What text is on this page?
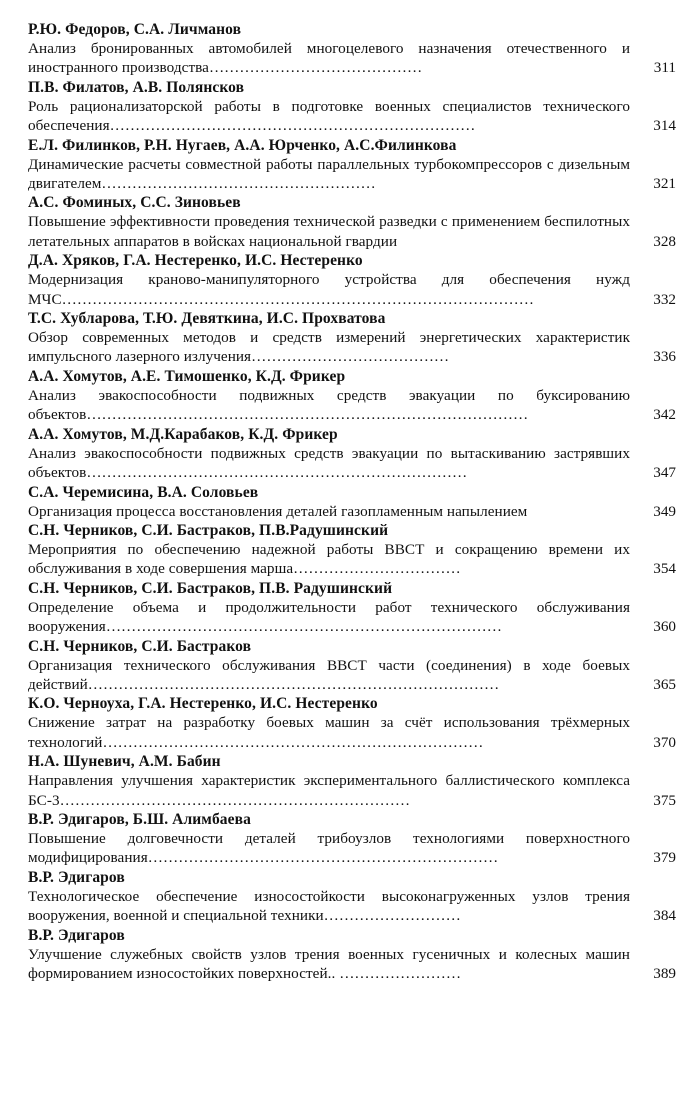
Р.Ю. Федоров, С.А. Личманов
Анализ бронированных автомобилей многоцелевого назначения отечественного и иностранного производства……………………………………	311
П.В. Филатов, А.В. Полянсков
Роль рационализаторской работы в подготовке военных специалистов технического обеспечения………………………………………………………………	314
Е.Л. Филинков, Р.Н. Нугаев, А.А. Юрченко, А.С.Филинкова
Динамические расчеты совместной работы параллельных турбокомпрессоров с дизельным двигателем………………………………………………	321
А.С. Фоминых, С.С. Зиновьев
Повышение эффективности проведения технической разведки с применением беспилотных летательных аппаратов в войсках национальной гвардии	328
Д.А. Хряков, Г.А. Нестеренко, И.С. Нестеренко
Модернизация краново-манипуляторного устройства для обеспечения нужд МЧС…………………………………………………………………………………	332
Т.С. Хубларова, Т.Ю. Девяткина, И.С. Прохватова
Обзор современных методов и средств измерений энергетических характеристик импульсного лазерного излучения…………………………………	336
А.А. Хомутов, А.Е. Тимошенко, К.Д. Фрикер
Анализ эвакоспособности подвижных средств эвакуации по буксированию объектов……………………………………………………………………………	342
А.А. Хомутов, М.Д.Карабаков, К.Д. Фрикер
Анализ эвакоспособности подвижных средств эвакуации по вытаскиванию застрявших объектов…………………………………………………………………	347
С.А. Черемисина, В.А. Соловьев
Организация процесса восстановления деталей газопламенным напылением	349
С.Н. Черников, С.И. Бастраков, П.В.Радушинский
Мероприятия по обеспечению надежной работы ВВСТ и сокращению времени их обслуживания в ходе совершения марша……………………………	354
С.Н. Черников, С.И. Бастраков, П.В. Радушинский
Определение объема и продолжительности работ технического обслуживания вооружения……………………………………………………………………	360
С.Н. Черников, С.И. Бастраков
Организация технического обслуживания ВВСТ части (соединения) в ходе боевых действий………………………………………………………………………	365
К.О. Черноуха, Г.А. Нестеренко, И.С. Нестеренко
Снижение затрат на разработку боевых машин за счёт использования трёхмерных технологий…………………………………………………………………	370
Н.А. Шуневич, А.М. Бабин
Направления улучшения характеристик экспериментального баллистического комплекса БС-3……………………………………………………………	375
В.Р. Эдигаров, Б.Ш. Алимбаева
Повышение долговечности деталей трибоузлов технологиями поверхностного модифицирования……………………………………………………………	379
В.Р. Эдигаров
Технологическое обеспечение износостойкости высоконагруженных узлов трения вооружения, военной и специальной техники………………………	384
В.Р. Эдигаров
Улучшение служебных свойств узлов трения военных гусеничных и колесных машин формированием износостойких поверхностей.. ……………………	389
